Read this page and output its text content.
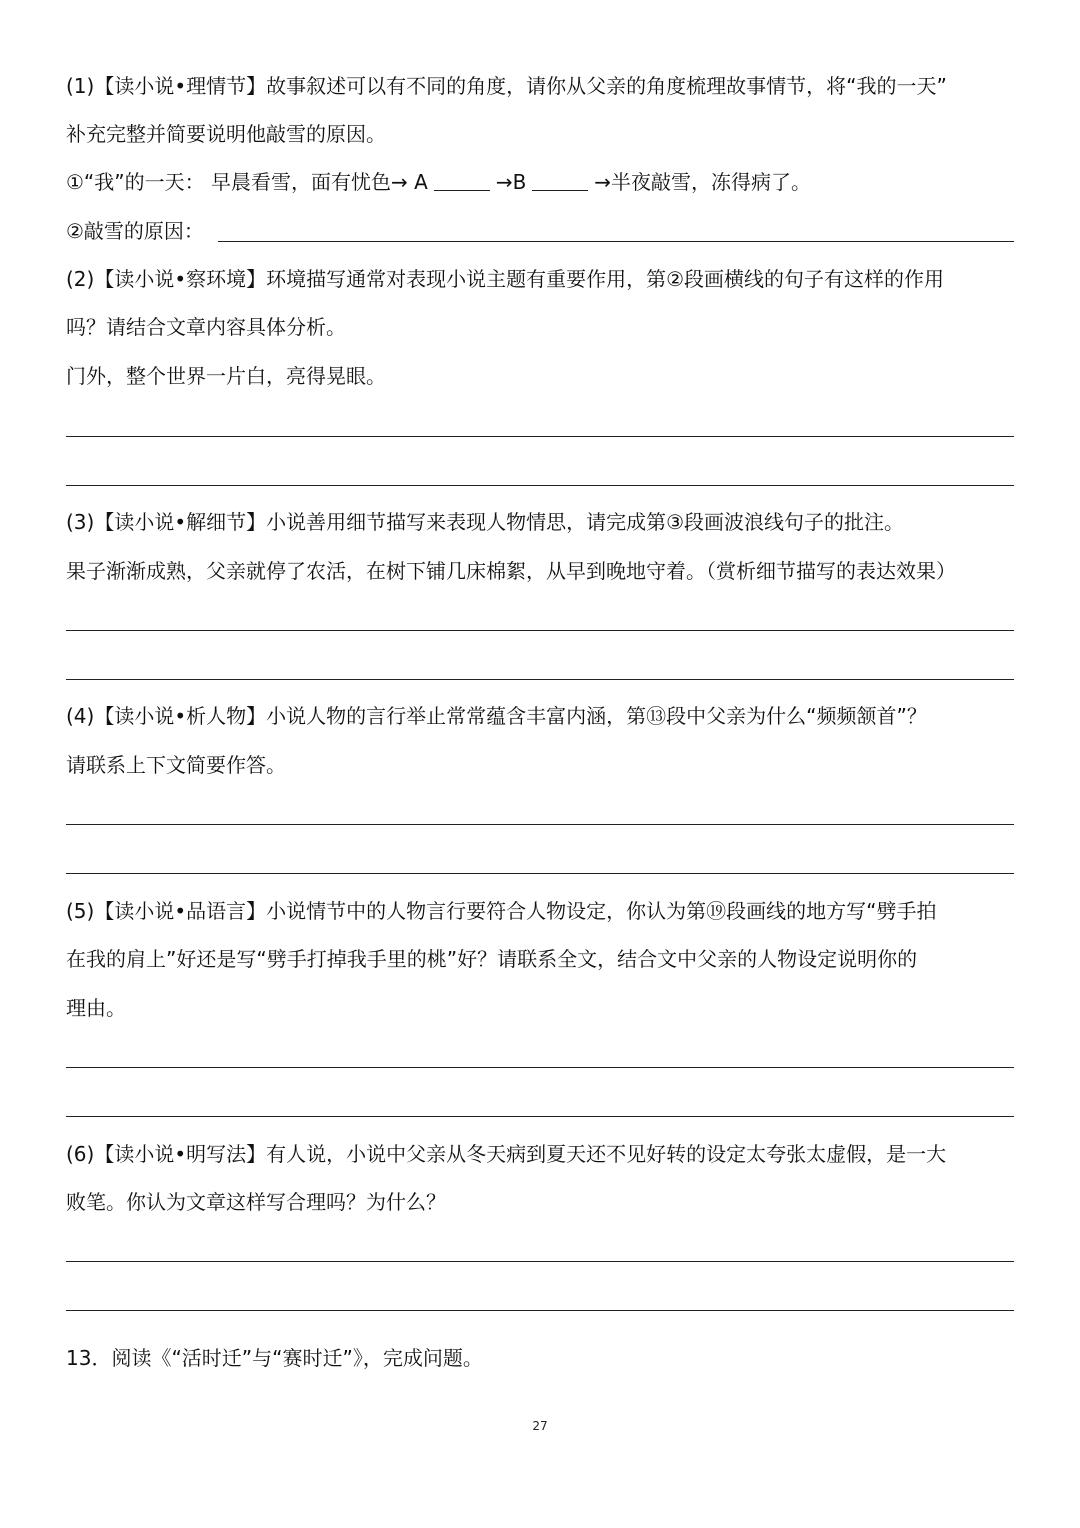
(1)【读小说•理情节】故事叙述可以有不同的角度，请你从父亲的角度梳理故事情节，将“我的一天”

补充完整并简要说明他敲雪的原因。

①“我”的一天： 早晨看雪，面有忧色→ A	→B	→半夜敲雪，冻得病了。

②敲雪的原因：

(2)【读小说•察环境】环境描写通常对表现小说主题有重要作用，第②段画横线的句子有这样的作用

吗？请结合文章内容具体分析。

门外，整个世界一片白，亮得晃眼。

(3)【读小说•解细节】小说善用细节描写来表现人物情思，请完成第③段画波浪线句子的批注。

果子渐渐成熟，父亲就停了农活，在树下铺几床棉絮，从早到晚地守着。（赏析细节描写的表达效果）

(4)【读小说•析人物】小说人物的言行举止常常蕴含丰富内涵，第⑬段中父亲为什么“频频颔首”？

请联系上下文简要作答。

(5)【读小说•品语言】小说情节中的人物言行要符合人物设定，你认为第⑲段画线的地方写“劈手拍

在我的肩上”好还是写“劈手打掉我手里的桃”好？请联系全文，结合文中父亲的人物设定说明你的

理由。

(6)【读小说•明写法】有人说，小说中父亲从冬天病到夏天还不见好转的设定太夸张太虚假，是一大

败笔。你认为文章这样写合理吗？为什么？

13．阅读《“活时迁”与“赛时迁”》，完成问题。

27
